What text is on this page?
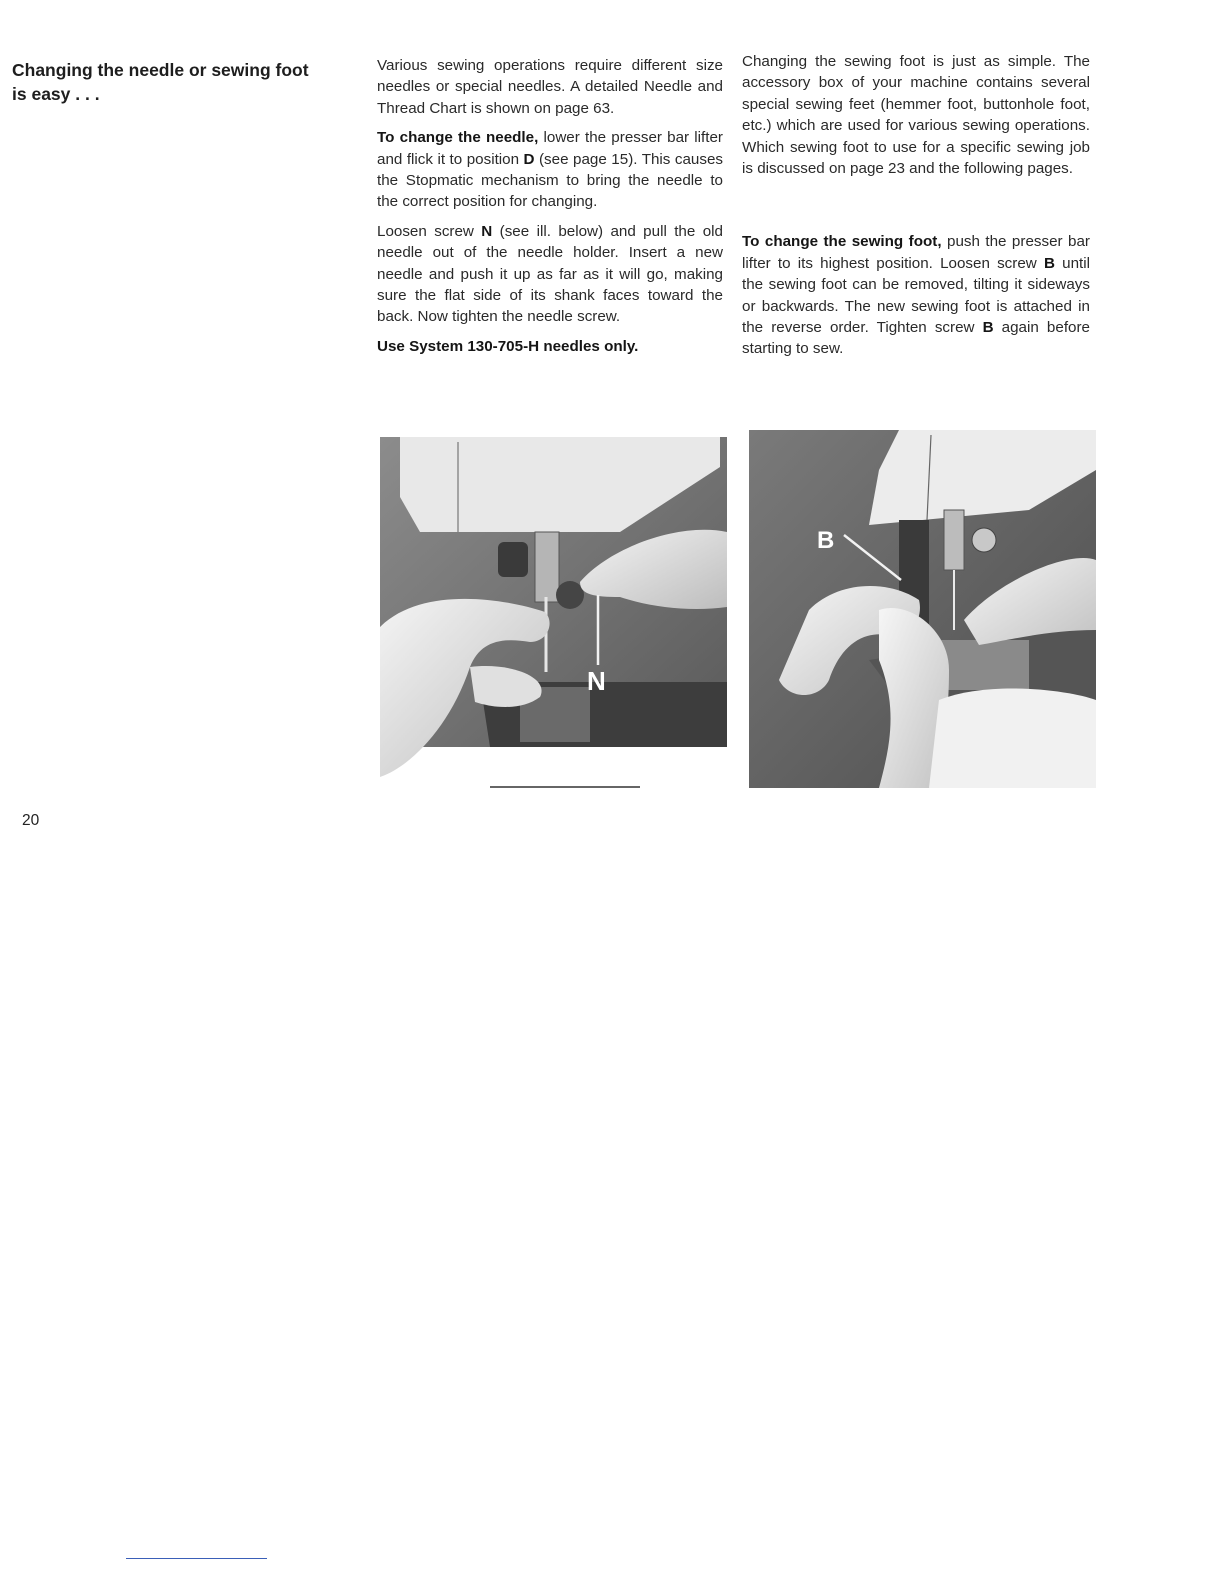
Changing the needle or sewing foot
is easy . . .

Various sewing operations require different size needles or special needles. A detailed Needle and Thread Chart is shown on page 63.

To change the needle, lower the presser bar lifter and flick it to position D (see page 15). This causes the Stopmatic mechanism to bring the needle to the correct position for changing.

Loosen screw N (see ill. below) and pull the old needle out of the needle holder. Insert a new needle and push it up as far as it will go, making sure the flat side of its shank faces toward the back. Now tighten the needle screw.

Use System 130-705-H needles only.

Changing the sewing foot is just as simple. The accessory box of your machine contains several special sewing feet (hemmer foot, buttonhole foot, etc.) which are used for various sewing operations. Which sewing foot to use for a specific sewing job is discussed on page 23 and the following pages.

To change the sewing foot, push the presser bar lifter to its highest position. Loosen screw B until the sewing foot can be removed, tilting it sideways or backwards. The new sewing foot is attached in the reverse order. Tighten screw B again before starting to sew.

N
B
20
